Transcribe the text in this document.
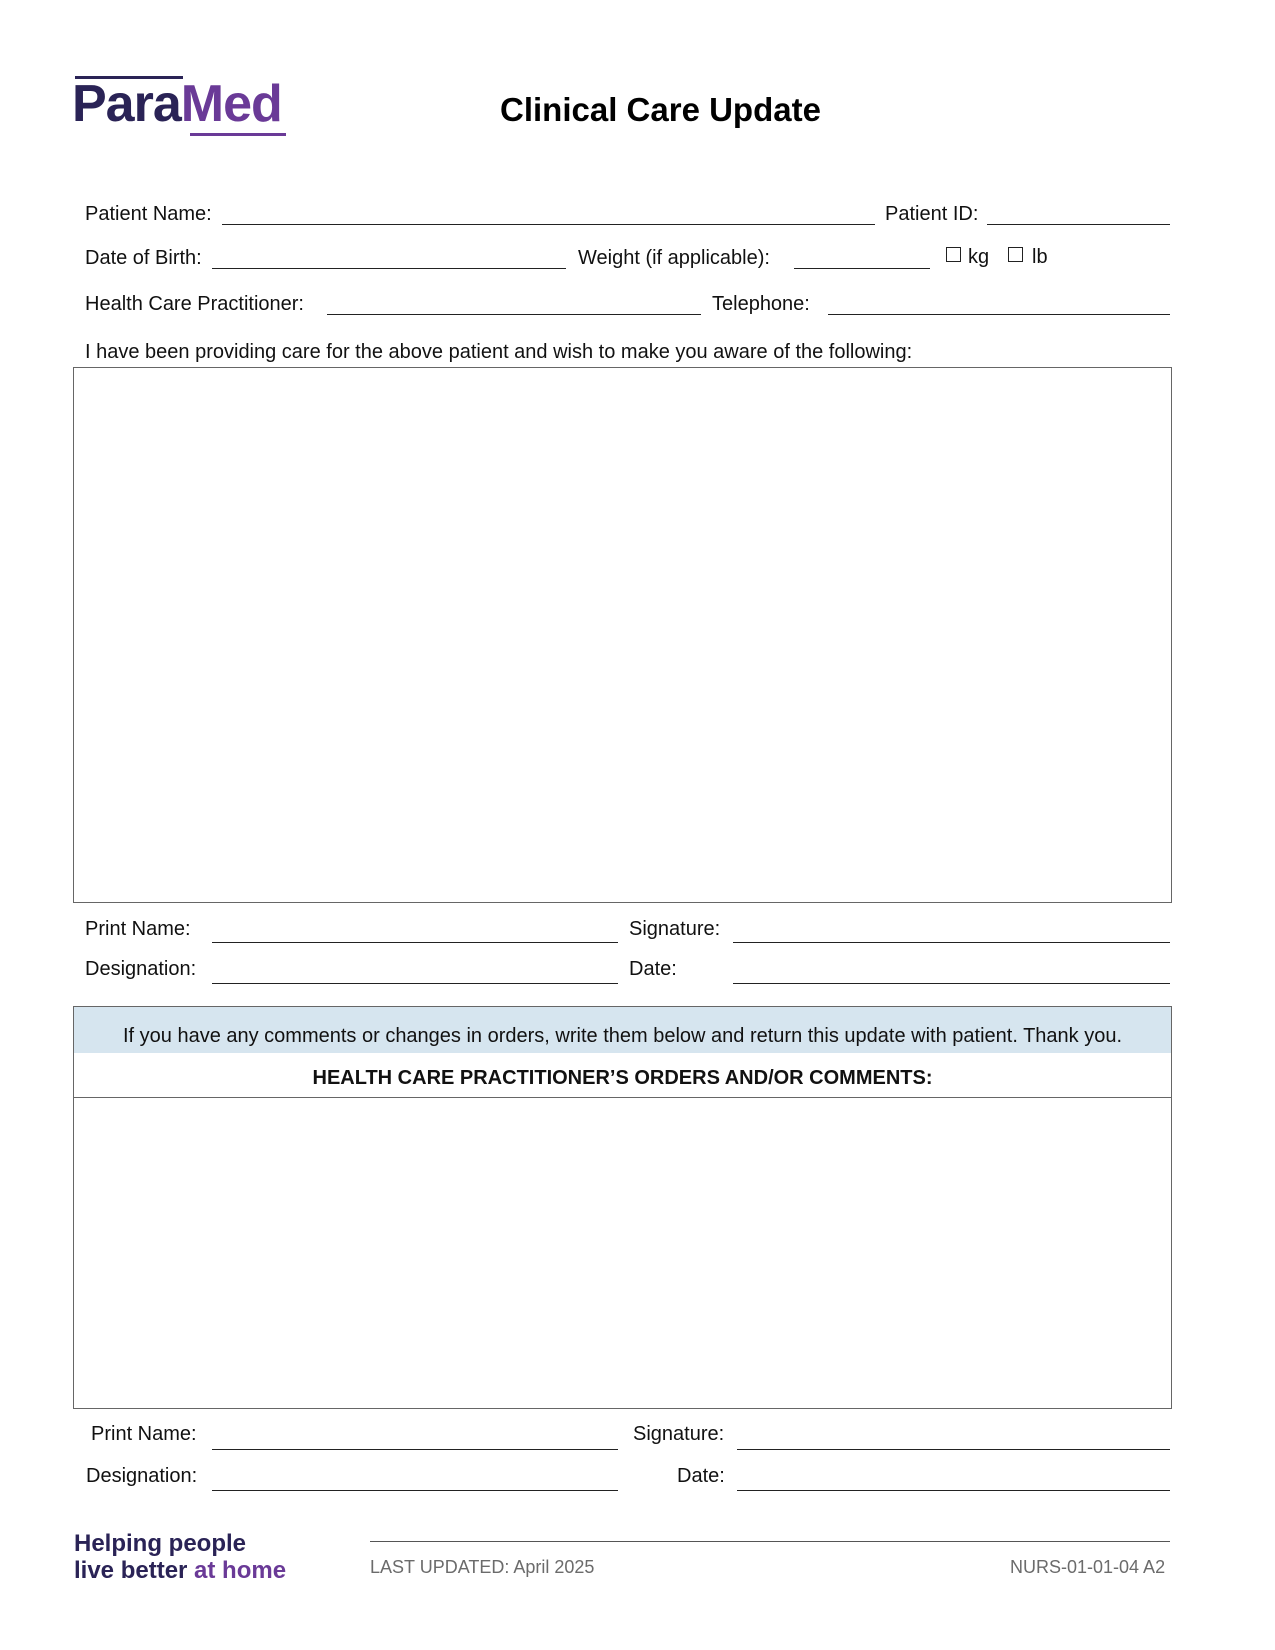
ParaMed	Clinical Care Update
Patient Name:	Patient ID:
Date of Birth:	Weight (if applicable):	kg lb
Health Care Practitioner:	Telephone:
I have been providing care for the above patient and wish to make you aware of the following:
Print Name:	Signature:
Designation:	Date:
If you have any comments or changes in orders, write them below and return this update with patient. Thank you.
HEALTH CARE PRACTITIONER’S ORDERS AND/OR COMMENTS:
Print Name:	Signature:
Designation:	Date:
Helping people
live better at home	LAST UPDATED: April 2025	NURS-01-01-04 A2
